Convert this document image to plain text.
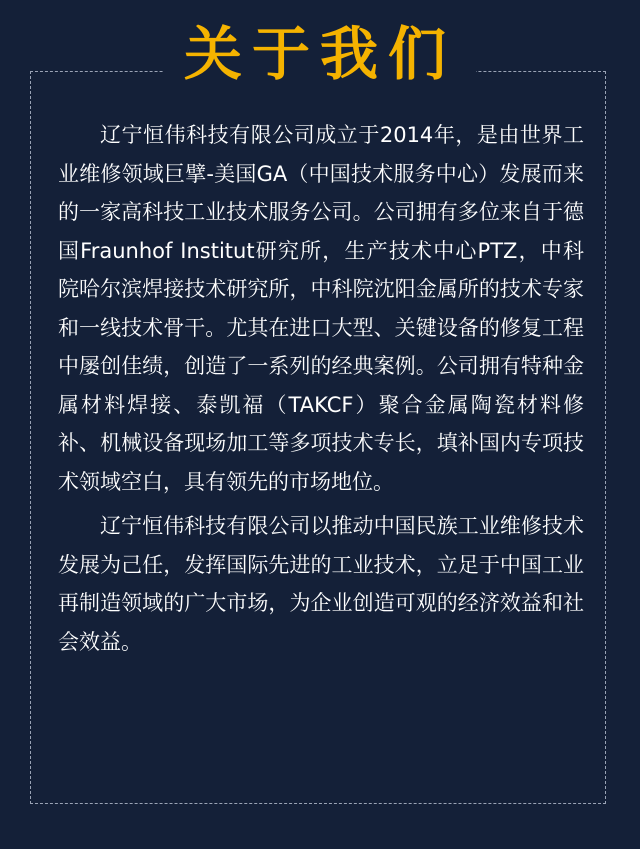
关于我们

辽宁恒伟科技有限公司成立于2014年，是由世界工业维修领域巨擘-美国GA（中国技术服务中心）发展而来的一家高科技工业技术服务公司。公司拥有多位来自于德国Fraunhof Institut研究所，生产技术中心PTZ，中科院哈尔滨焊接技术研究所，中科院沈阳金属所的技术专家和一线技术骨干。尤其在进口大型、关键设备的修复工程中屡创佳绩，创造了一系列的经典案例。公司拥有特种金属材料焊接、泰凯福（TAKCF）聚合金属陶瓷材料修补、机械设备现场加工等多项技术专长，填补国内专项技术领域空白，具有领先的市场地位。

辽宁恒伟科技有限公司以推动中国民族工业维修技术发展为己任，发挥国际先进的工业技术，立足于中国工业再制造领域的广大市场，为企业创造可观的经济效益和社会效益。
